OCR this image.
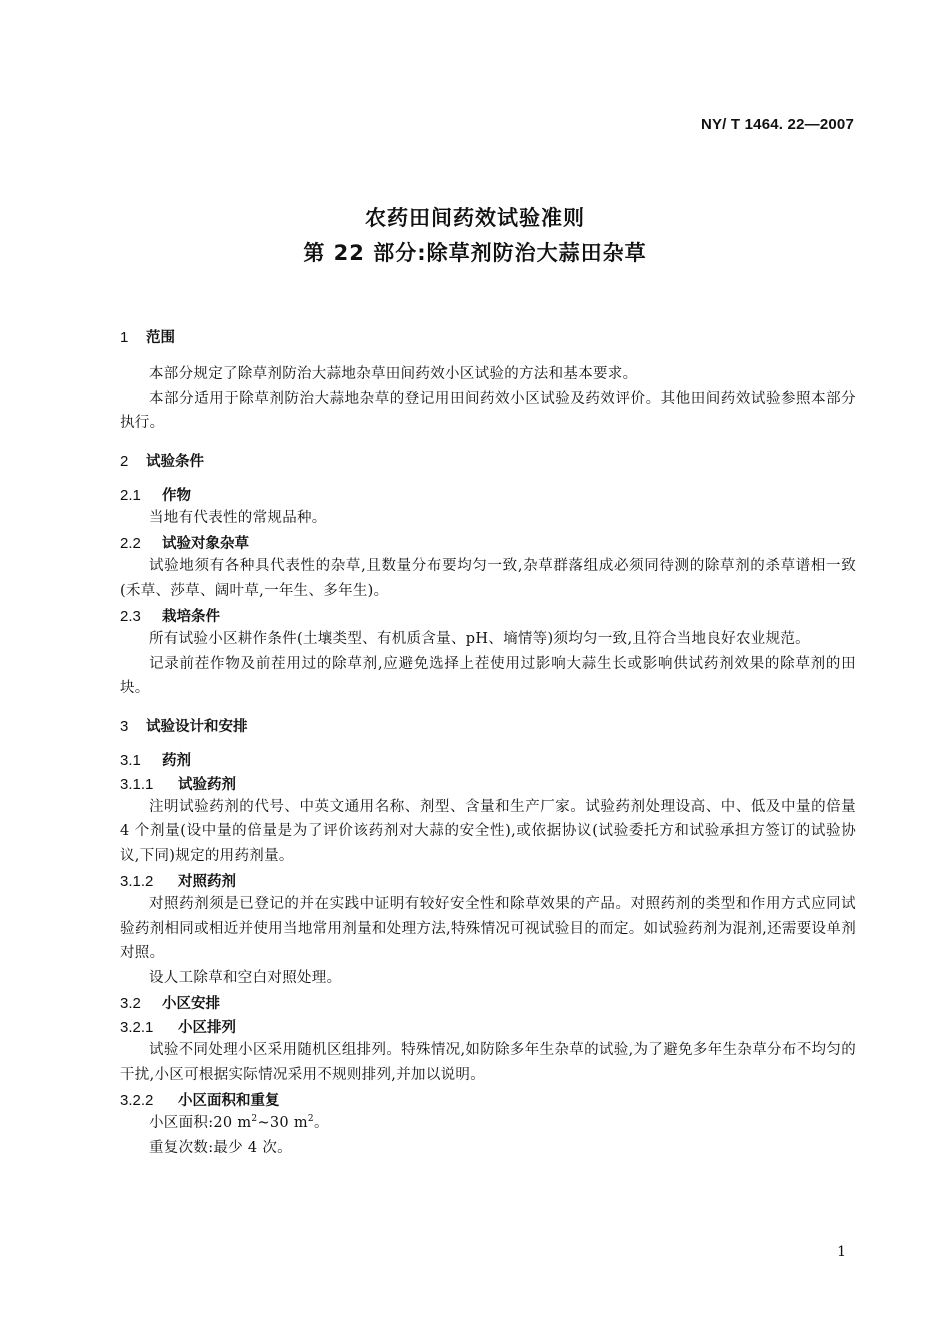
NY/ T 1464. 22—2007
农药田间药效试验准则
第 22 部分:除草剂防治大蒜田杂草
1	范围

本部分规定了除草剂防治大蒜地杂草田间药效小区试验的方法和基本要求。

本部分适用于除草剂防治大蒜地杂草的登记用田间药效小区试验及药效评价。其他田间药效试验参照本部分执行。

2	试验条件
2.1	作物

当地有代表性的常规品种。

2.2	试验对象杂草

试验地须有各种具代表性的杂草,且数量分布要均匀一致,杂草群落组成必须同待测的除草剂的杀草谱相一致(禾草、莎草、阔叶草,一年生、多年生)。

2.3	栽培条件

所有试验小区耕作条件(土壤类型、有机质含量、pH、墒情等)须均匀一致,且符合当地良好农业规范。

记录前茬作物及前茬用过的除草剂,应避免选择上茬使用过影响大蒜生长或影响供试药剂效果的除草剂的田块。

3	试验设计和安排
3.1	药剂
3.1.1	试验药剂

注明试验药剂的代号、中英文通用名称、剂型、含量和生产厂家。试验药剂处理设高、中、低及中量的倍量 4 个剂量(设中量的倍量是为了评价该药剂对大蒜的安全性),或依据协议(试验委托方和试验承担方签订的试验协议,下同)规定的用药剂量。

3.1.2	对照药剂

对照药剂须是已登记的并在实践中证明有较好安全性和除草效果的产品。对照药剂的类型和作用方式应同试验药剂相同或相近并使用当地常用剂量和处理方法,特殊情况可视试验目的而定。如试验药剂为混剂,还需要设单剂对照。

设人工除草和空白对照处理。

3.2	小区安排
3.2.1	小区排列

试验不同处理小区采用随机区组排列。特殊情况,如防除多年生杂草的试验,为了避免多年生杂草分布不均匀的干扰,小区可根据实际情况采用不规则排列,并加以说明。

3.2.2	小区面积和重复

小区面积:20 $m^2\sim 30$ $m^2$。

重复次数:最少 4 次。

1
